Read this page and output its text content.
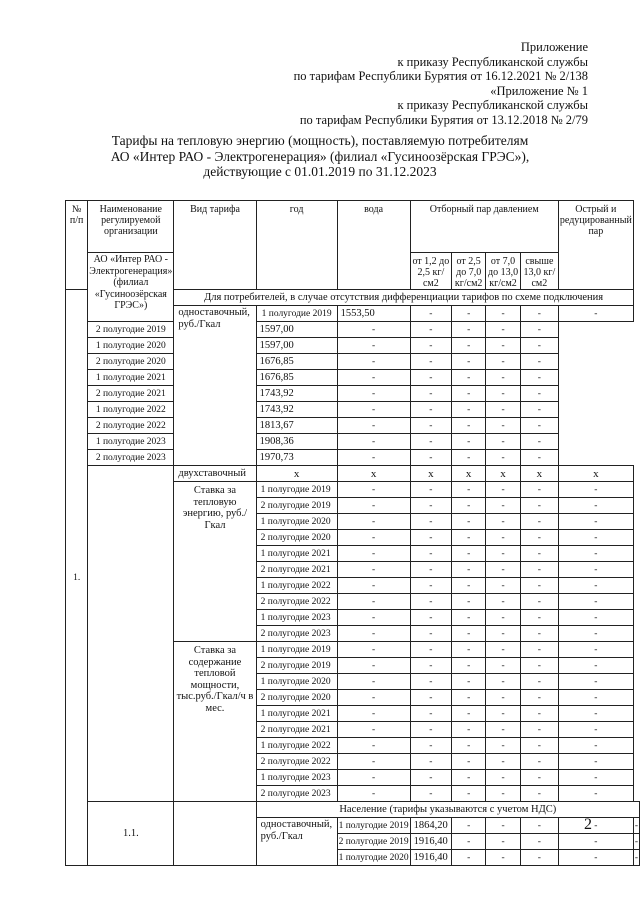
Приложение
к приказу Республиканской службы
по тарифам Республики Бурятия от 16.12.2021 № 2/138
«Приложение № 1
к приказу Республиканской службы
по тарифам Республики Бурятия от 13.12.2018 № 2/79
Тарифы на тепловую энергию (мощность), поставляемую потребителям
АО «Интер РАО - Электрогенерация» (филиал «Гусиноозёрская ГРЭС»),
действующие с 01.01.2019 по 31.12.2023
№ п/п	Наименование регулируемой организации	Вид тарифа	год	вода	Отборный пар давлением				Острый и редуцированный пар	
	АО «Интер РАО - Электрогенерация» (филиал «Гусиноозёрская ГРЭС»)				от 1,2 до 2,5 кг/см2	от 2,5 до 7,0 кг/см2	от 7,0 до 13,0 кг/см2	свыше 13,0 кг/см2		
1.		Для потребителей, в случае отсутствия дифференциации тарифов по схеме подключения								
		одноставочный, руб./Гкал	1 полугодие 2019	1553,50	-	-	-	-	-	
	2 полугодие 2019		1597,00	-	-	-	-	-		
	1 полугодие 2020		1597,00	-	-	-	-	-		
	2 полугодие 2020		1676,85	-	-	-	-	-		
	1 полугодие 2021		1676,85	-	-	-	-	-		
	2 полугодие 2021		1743,92	-	-	-	-	-		
	1 полугодие 2022		1743,92	-	-	-	-	-		
	2 полугодие 2022		1813,67	-	-	-	-	-		
	1 полугодие 2023		1908,36	-	-	-	-	-		
	2 полугодие 2023		1970,73	-	-	-	-	-		
		двухставочный	х	х	х	х	х	х	х	
		Ставка за тепловую энергию, руб./Гкал	1 полугодие 2019	-	-	-	-	-	-	
			2 полугодие 2019	-	-	-	-	-	-	
			1 полугодие 2020	-	-	-	-	-	-	
			2 полугодие 2020	-	-	-	-	-	-	
			1 полугодие 2021	-	-	-	-	-	-	
			2 полугодие 2021	-	-	-	-	-	-	
			1 полугодие 2022	-	-	-	-	-	-	
			2 полугодие 2022	-	-	-	-	-	-	
			1 полугодие 2023	-	-	-	-	-	-	
			2 полугодие 2023	-	-	-	-	-	-	
		Ставка за содержание тепловой мощности, тыс.руб./Гкал/ч в мес.	1 полугодие 2019	-	-	-	-	-	-	
			2 полугодие 2019	-	-	-	-	-	-	
			1 полугодие 2020	-	-	-	-	-	-	
			2 полугодие 2020	-	-	-	-	-	-	
			1 полугодие 2021	-	-	-	-	-	-	
			2 полугодие 2021	-	-	-	-	-	-	
			1 полугодие 2022	-	-	-	-	-	-	
			2 полугодие 2022	-	-	-	-	-	-	
			1 полугодие 2023	-	-	-	-	-	-	
			2 полугодие 2023	-	-	-	-	-	-	
	1.1.		Население (тарифы указываются с учетом НДС)							
			одноставочный, руб./Гкал	1 полугодие 2019	1864,20	-	-	-	-	-
				2 полугодие 2019	1916,40	-	-	-	-	-
				1 полугодие 2020	1916,40	-	-	-	-	-
2
